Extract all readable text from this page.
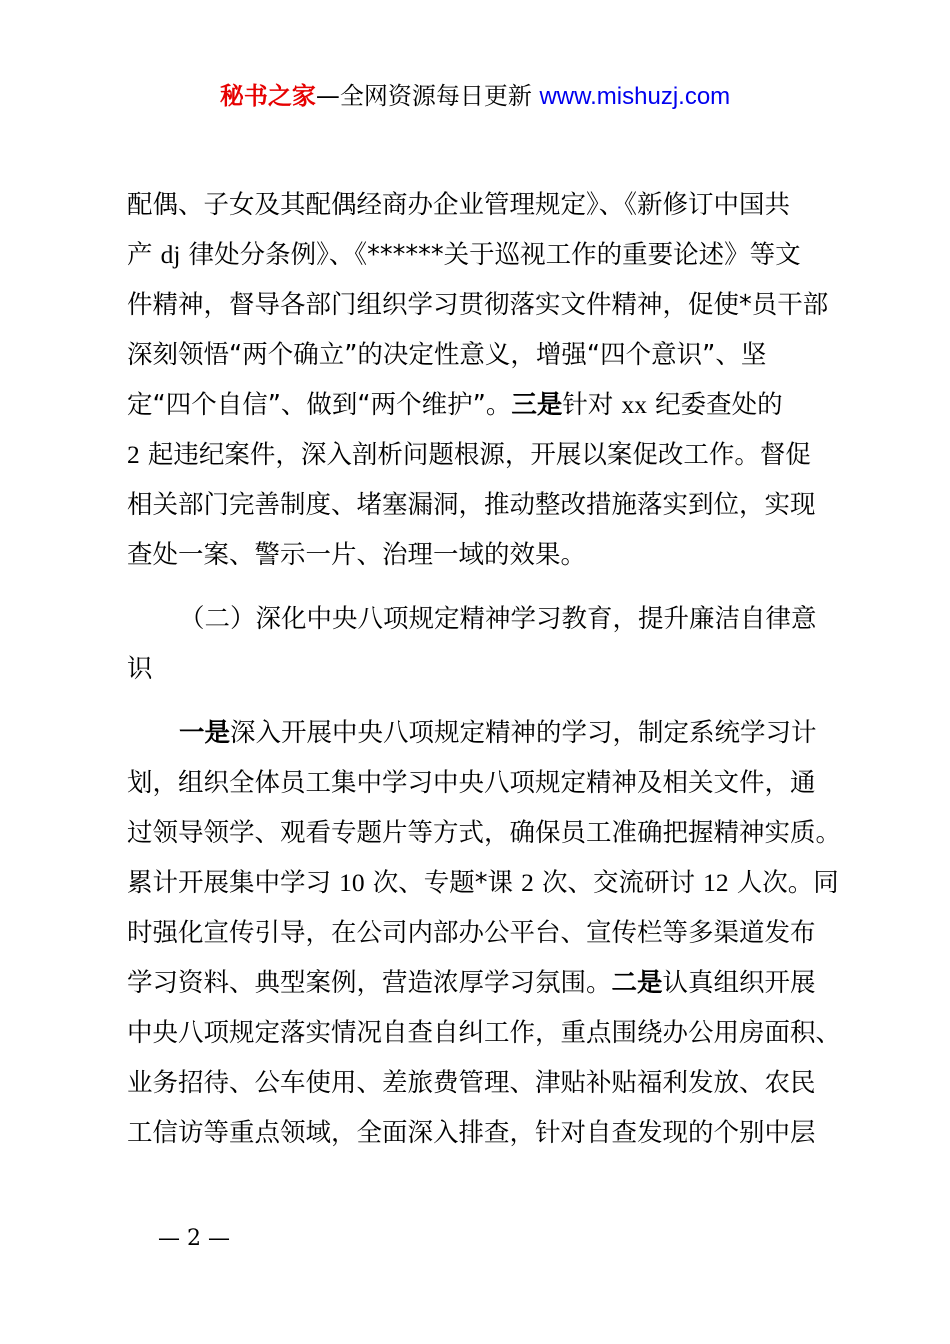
秘书之家—全网资源每日更新 www.mishuzj.com
配偶、子女及其配偶经商办企业管理规定》、《新修订中国共
产 dj 律处分条例》、《******关于巡视工作的重要论述》等文
件精神，督导各部门组织学习贯彻落实文件精神，促使*员干部
深刻领悟“两个确立”的决定性意义，增强“四个意识”、坚
定“四个自信”、做到“两个维护”。三是针对 xx 纪委查处的
2 起违纪案件，深入剖析问题根源，开展以案促改工作。督促
相关部门完善制度、堵塞漏洞，推动整改措施落实到位，实现
查处一案、警示一片、治理一域的效果。
（二）深化中央八项规定精神学习教育，提升廉洁自律意
识
一是深入开展中央八项规定精神的学习，制定系统学习计
划，组织全体员工集中学习中央八项规定精神及相关文件，通
过领导领学、观看专题片等方式，确保员工准确把握精神实质。
累计开展集中学习 10 次、专题*课 2 次、交流研讨 12 人次。同
时强化宣传引导，在公司内部办公平台、宣传栏等多渠道发布
学习资料、典型案例，营造浓厚学习氛围。二是认真组织开展
中央八项规定落实情况自查自纠工作，重点围绕办公用房面积、
业务招待、公车使用、差旅费管理、津贴补贴福利发放、农民
工信访等重点领域，全面深入排查，针对自查发现的个别中层
— 2 —
